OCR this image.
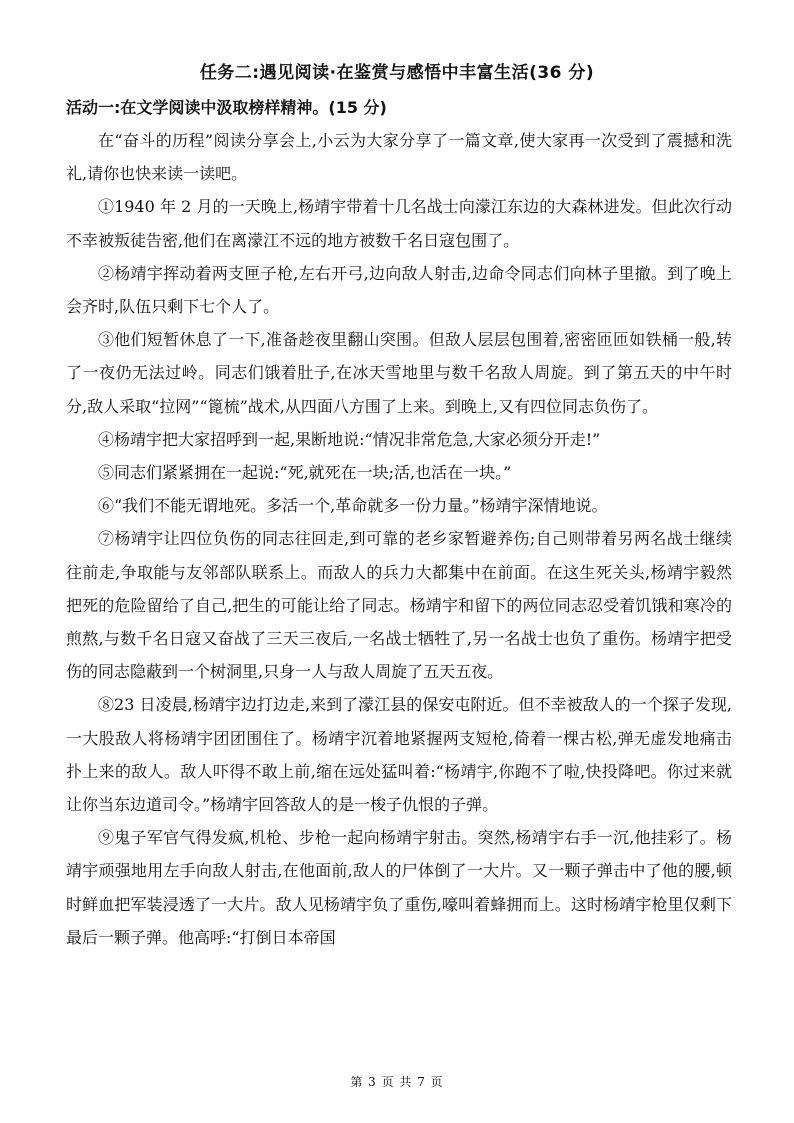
任务二:遇见阅读·在鉴赏与感悟中丰富生活(36 分)
活动一:在文学阅读中汲取榜样精神。(15 分)

在“奋斗的历程”阅读分享会上,小云为大家分享了一篇文章,使大家再一次受到了震撼和洗礼,请你也快来读一读吧。

①1940 年 2 月的一天晚上,杨靖宇带着十几名战士向濛江东边的大森林进发。但此次行动不幸被叛徒告密,他们在离濛江不远的地方被数千名日寇包围了。

②杨靖宇挥动着两支匣子枪,左右开弓,边向敌人射击,边命令同志们向林子里撤。到了晚上会齐时,队伍只剩下七个人了。

③他们短暂休息了一下,准备趁夜里翻山突围。但敌人层层包围着,密密匝匝如铁桶一般,转了一夜仍无法过岭。同志们饿着肚子,在冰天雪地里与数千名敌人周旋。到了第五天的中午时分,敌人采取“拉网”“篦梳”战术,从四面八方围了上来。到晚上,又有四位同志负伤了。

④杨靖宇把大家招呼到一起,果断地说:“情况非常危急,大家必须分开走!”

⑤同志们紧紧拥在一起说:“死,就死在一块;活,也活在一块。”

⑥“我们不能无谓地死。多活一个,革命就多一份力量。”杨靖宇深情地说。

⑦杨靖宇让四位负伤的同志往回走,到可靠的老乡家暂避养伤;自己则带着另两名战士继续往前走,争取能与友邻部队联系上。而敌人的兵力大都集中在前面。在这生死关头,杨靖宇毅然把死的危险留给了自己,把生的可能让给了同志。杨靖宇和留下的两位同志忍受着饥饿和寒冷的煎熬,与数千名日寇又奋战了三天三夜后,一名战士牺牲了,另一名战士也负了重伤。杨靖宇把受伤的同志隐蔽到一个树洞里,只身一人与敌人周旋了五天五夜。

⑧23 日凌晨,杨靖宇边打边走,来到了濛江县的保安屯附近。但不幸被敌人的一个探子发现,一大股敌人将杨靖宇团团围住了。杨靖宇沉着地紧握两支短枪,倚着一棵古松,弹无虚发地痛击扑上来的敌人。敌人吓得不敢上前,缩在远处猛叫着:“杨靖宇,你跑不了啦,快投降吧。你过来就让你当东边道司令。”杨靖宇回答敌人的是一梭子仇恨的子弹。

⑨鬼子军官气得发疯,机枪、步枪一起向杨靖宇射击。突然,杨靖宇右手一沉,他挂彩了。杨靖宇顽强地用左手向敌人射击,在他面前,敌人的尸体倒了一大片。又一颗子弹击中了他的腰,顿时鲜血把军装浸透了一大片。敌人见杨靖宇负了重伤,嚎叫着蜂拥而上。这时杨靖宇枪里仅剩下最后一颗子弹。他高呼:“打倒日本帝国

第 3 页 共 7 页
